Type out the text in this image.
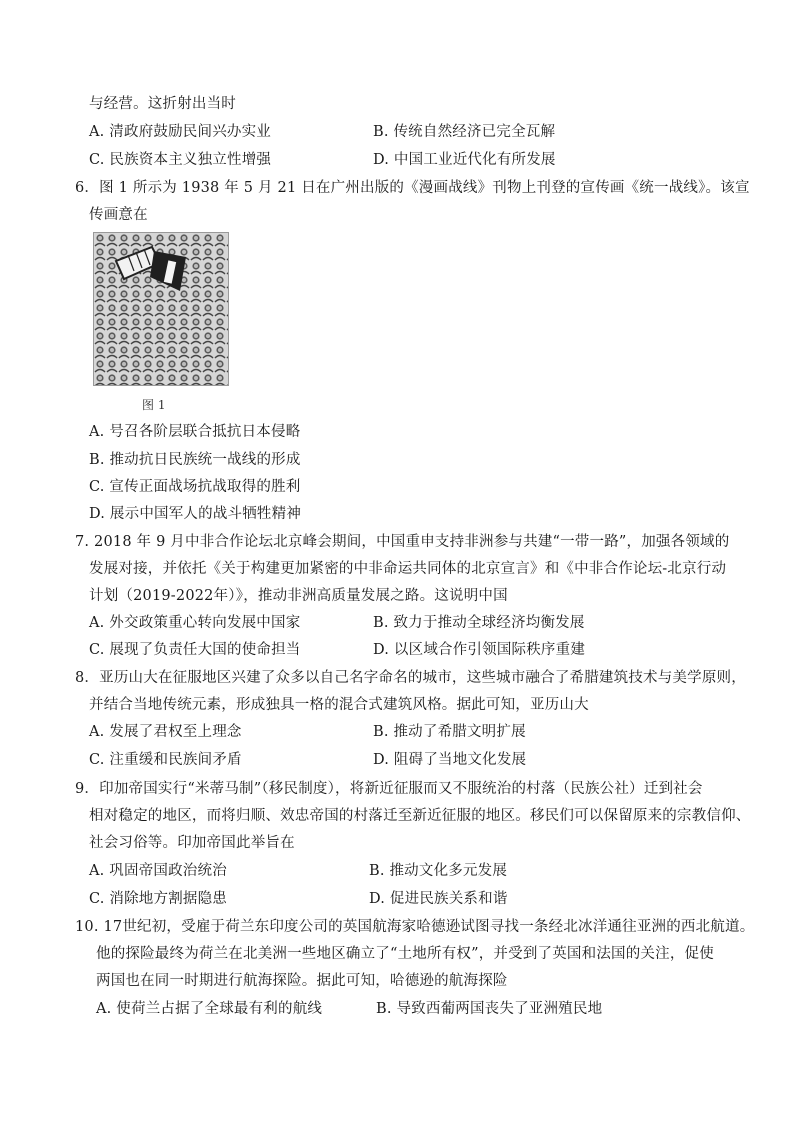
与经营。这折射出当时
A. 清政府鼓励民间兴办实业	B. 传统自然经济已完全瓦解
C. 民族资本主义独立性增强	D. 中国工业近代化有所发展
6．图 1 所示为 1938 年 5 月 21 日在广州出版的《漫画战线》刊物上刊登的宣传画《统一战线》。该宣
传画意在
图 1
A. 号召各阶层联合抵抗日本侵略
B. 推动抗日民族统一战线的形成
C. 宣传正面战场抗战取得的胜利
D. 展示中国军人的战斗牺牲精神
7. 2018 年 9 月中非合作论坛北京峰会期间，中国重申支持非洲参与共建“一带一路”，加强各领域的
发展对接，并依托《关于构建更加紧密的中非命运共同体的北京宣言》和《中非合作论坛-北京行动
计划（2019-2022年）》，推动非洲高质量发展之路。这说明中国
A. 外交政策重心转向发展中国家	B. 致力于推动全球经济均衡发展
C. 展现了负责任大国的使命担当	D. 以区域合作引领国际秩序重建
8．亚历山大在征服地区兴建了众多以自己名字命名的城市，这些城市融合了希腊建筑技术与美学原则，
并结合当地传统元素，形成独具一格的混合式建筑风格。据此可知，亚历山大
A. 发展了君权至上理念	B. 推动了希腊文明扩展
C. 注重缓和民族间矛盾	D. 阻碍了当地文化发展
9．印加帝国实行“米蒂马制”（移民制度），将新近征服而又不服统治的村落（民族公社）迁到社会
相对稳定的地区，而将归顺、效忠帝国的村落迁至新近征服的地区。移民们可以保留原来的宗教信仰、
社会习俗等。印加帝国此举旨在
A. 巩固帝国政治统治	B. 推动文化多元发展
C. 消除地方割据隐患	D. 促进民族关系和谐
10. 17世纪初，受雇于荷兰东印度公司的英国航海家哈德逊试图寻找一条经北冰洋通往亚洲的西北航道。
他的探险最终为荷兰在北美洲一些地区确立了“土地所有权”，并受到了英国和法国的关注，促使
两国也在同一时期进行航海探险。据此可知，哈德逊的航海探险
A. 使荷兰占据了全球最有利的航线	B. 导致西葡两国丧失了亚洲殖民地
